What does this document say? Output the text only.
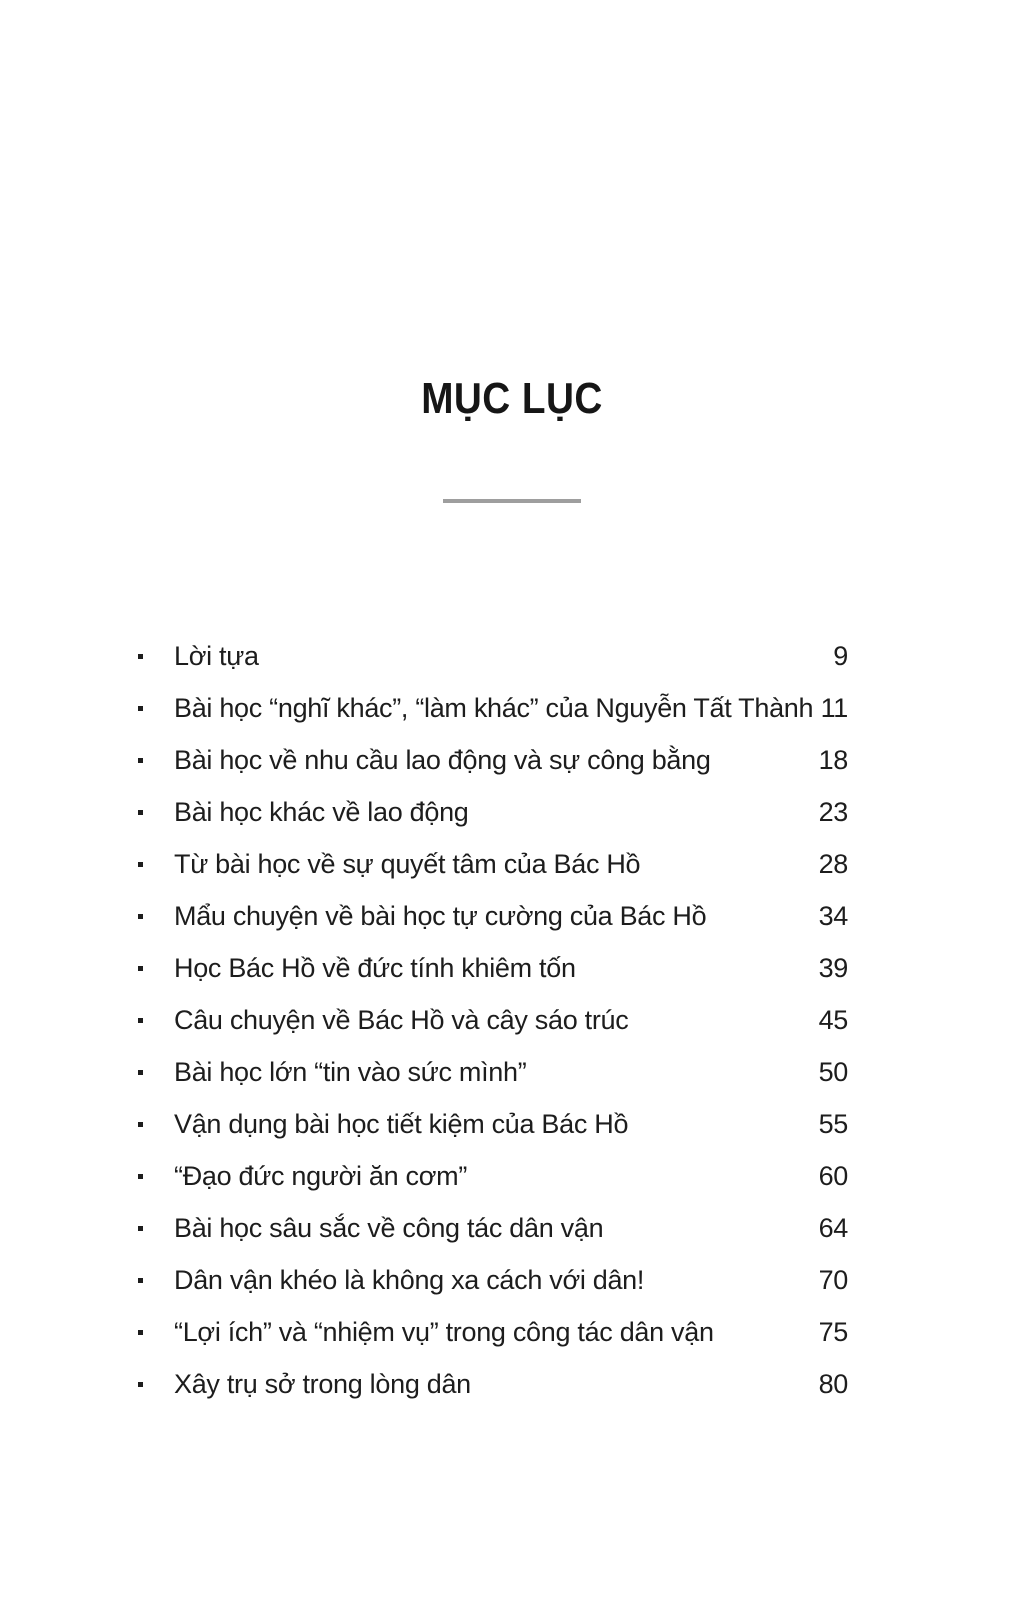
MỤC LỤC
Lời tựa	9
Bài học “nghĩ khác”, “làm khác” của Nguyễn Tất Thành 11
Bài học về nhu cầu lao động và sự công bằng	18
Bài học khác về lao động	23
Từ bài học về sự quyết tâm của Bác Hồ	28
Mẩu chuyện về bài học tự cường của Bác Hồ	34
Học Bác Hồ về đức tính khiêm tốn	39
Câu chuyện về Bác Hồ và cây sáo trúc	45
Bài học lớn “tin vào sức mình”	50
Vận dụng bài học tiết kiệm của Bác Hồ	55
“Đạo đức người ăn cơm”	60
Bài học sâu sắc về công tác dân vận	64
Dân vận khéo là không xa cách với dân!	70
“Lợi ích” và “nhiệm vụ” trong công tác dân vận	75
Xây trụ sở trong lòng dân	80
